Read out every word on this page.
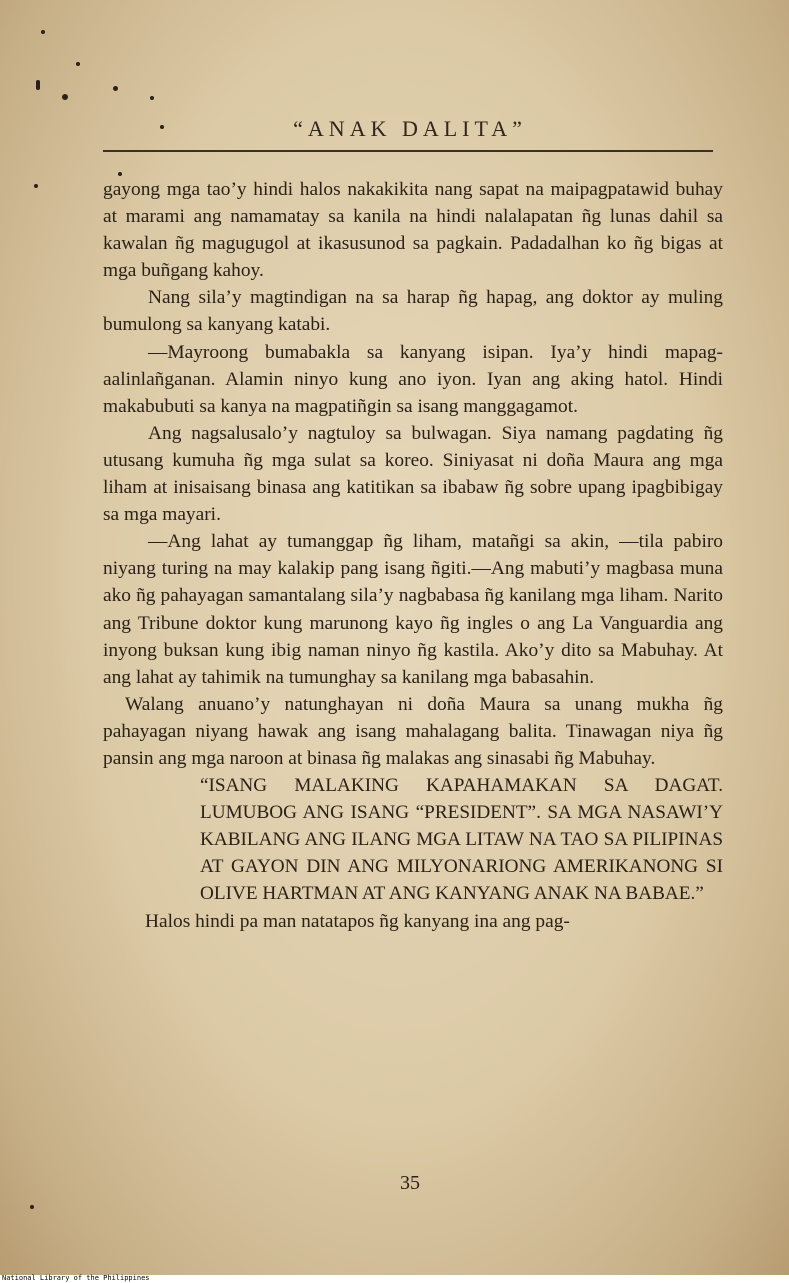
“ANAK DALITA”

gayong mga tao’y hindi halos nakakikita nang sapat na maipagpatawid buhay at marami ang namamatay sa kanila na hindi nalalapatan ñg lunas dahil sa kawalan ñg magugugol at ikasusunod sa pagkain. Padadalhan ko ñg bigas at mga buñgang kahoy.

Nang sila’y magtindigan na sa harap ñg hapag, ang doktor ay muling bumulong sa kanyang katabi.

—Mayroong bumabakla sa kanyang isipan. Iya’y hindi mapag-aalinlañganan. Alamin ninyo kung ano iyon. Iyan ang aking hatol. Hindi makabubuti sa kanya na magpatiñgin sa isang manggagamot.

Ang nagsalusalo’y nagtuloy sa bulwagan. Siya namang pagdating ñg utusang kumuha ñg mga sulat sa koreo. Siniyasat ni doña Maura ang mga liham at inisaisang binasa ang katitikan sa ibabaw ñg sobre upang ipagbibigay sa mga mayari.

—Ang lahat ay tumanggap ñg liham, matañgi sa akin, —tila pabiro niyang turing na may kalakip pang isang ñgiti.—Ang mabuti’y magbasa muna ako ñg pahayagan samantalang sila’y nagbabasa ñg kanilang mga liham. Narito ang Tribune doktor kung marunong kayo ñg ingles o ang La Vanguardia ang inyong buksan kung ibig naman ninyo ñg kastila. Ako’y dito sa Mabuhay. At ang lahat ay tahimik na tumunghay sa kanilang mga babasahin.

Walang anuano’y natunghayan ni doña Maura sa unang mukha ñg pahayagan niyang hawak ang isang mahalagang balita. Tinawagan niya ñg pansin ang mga naroon at binasa ñg malakas ang sinasabi ñg Mabuhay.

“ISANG MALAKING KAPAHAMAKAN SA DAGAT. LUMUBOG ANG ISANG “PRESIDENT”. SA MGA NASAWI’Y KABILANG ANG ILANG MGA LITAW NA TAO SA PILIPINAS AT GAYON DIN ANG MILYONARIONG AMERIKANONG SI OLIVE HARTMAN AT ANG KANYANG ANAK NA BABAE.”

Halos hindi pa man natatapos ñg kanyang ina ang pag-

35
National Library of the Philippines
